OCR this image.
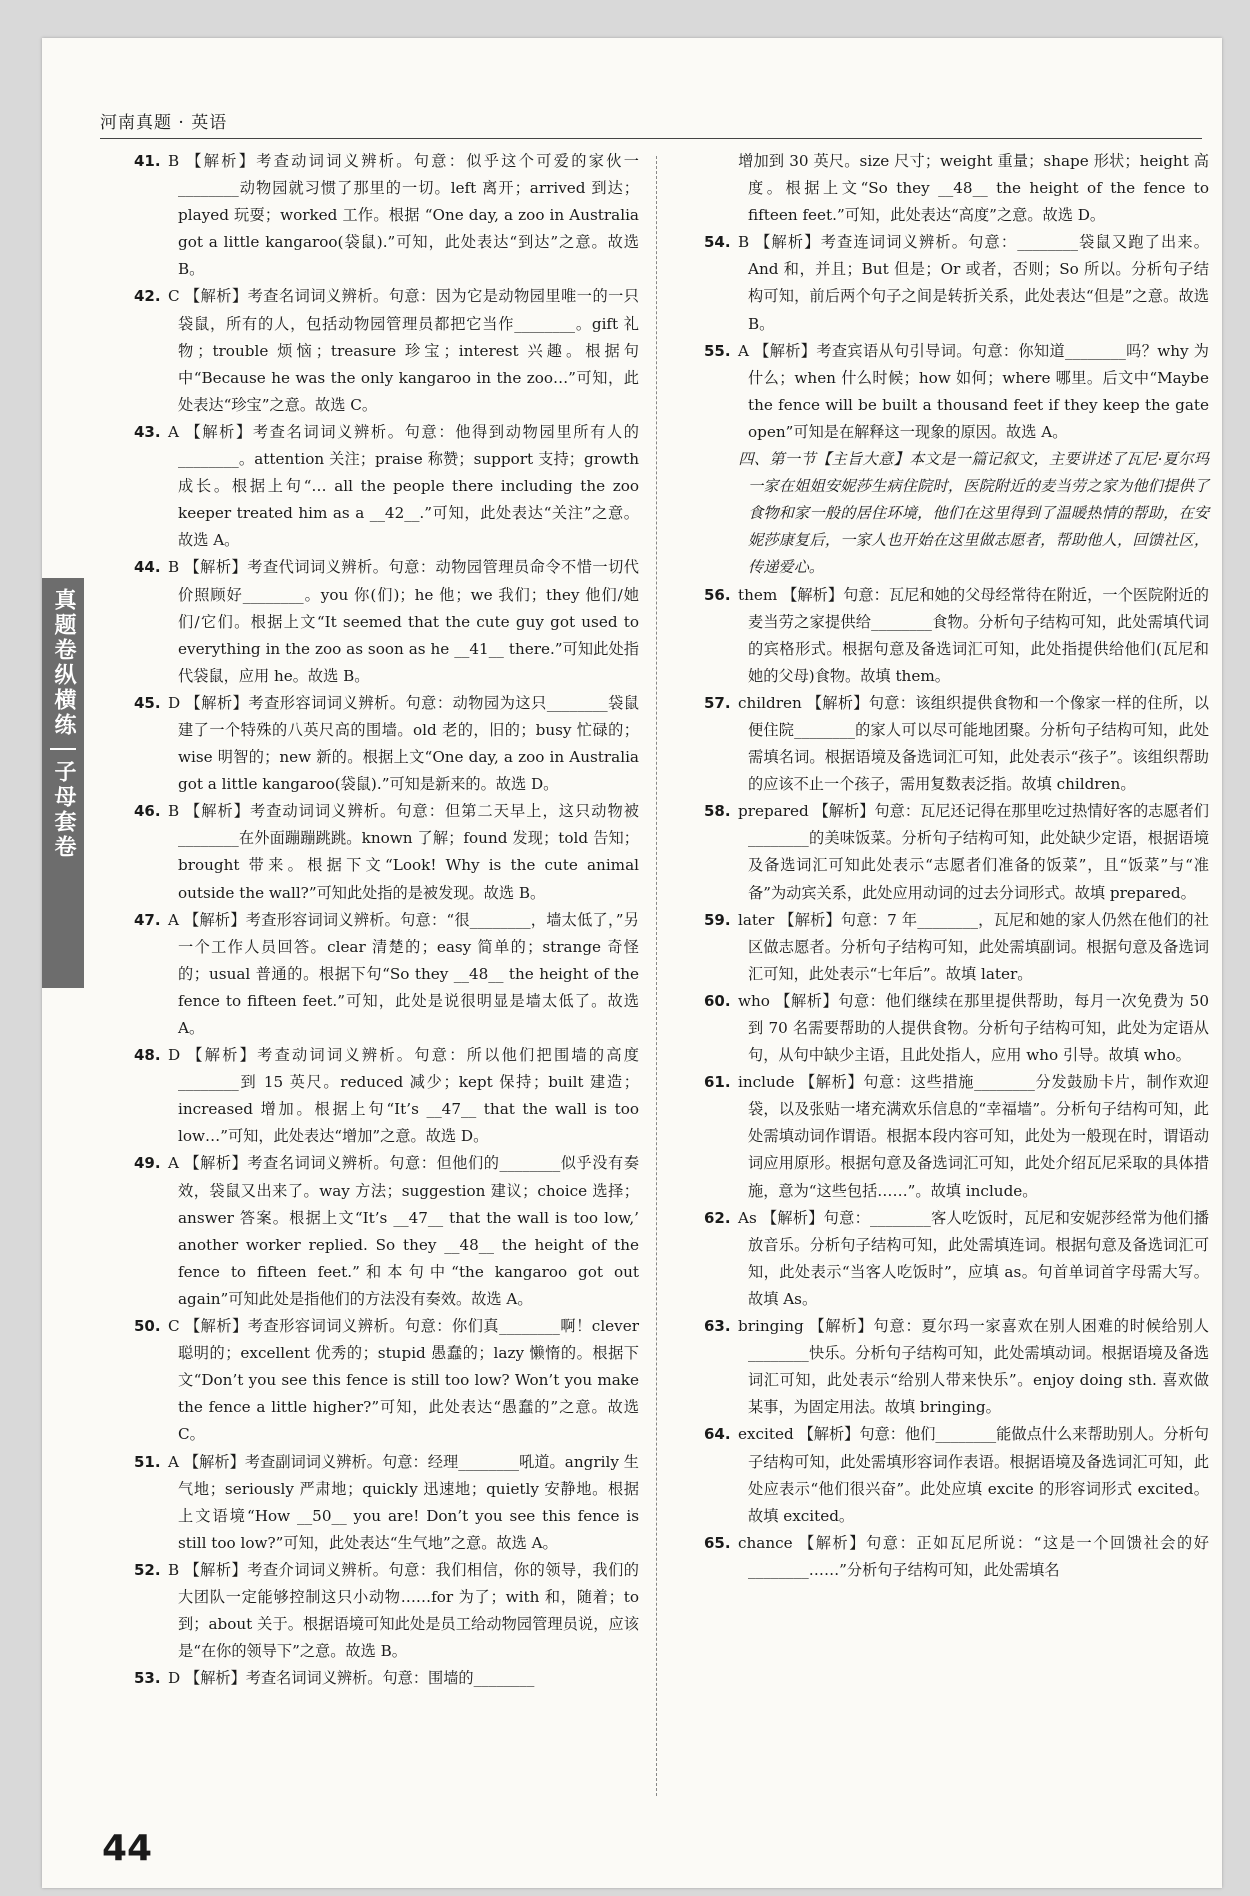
河南真题 · 英语
真题卷纵横练
子母套卷

41. B 【解析】考查动词词义辨析。句意：似乎这个可爱的家伙一________动物园就习惯了那里的一切。left 离开；arrived 到达；played 玩耍；worked 工作。根据 “One day, a zoo in Australia got a little kangaroo(袋鼠).”可知，此处表达“到达”之意。故选 B。

42. C 【解析】考查名词词义辨析。句意：因为它是动物园里唯一的一只袋鼠，所有的人，包括动物园管理员都把它当作________。gift 礼物；trouble 烦恼；treasure 珍宝；interest 兴趣。根据句中“Because he was the only kangaroo in the zoo…”可知，此处表达“珍宝”之意。故选 C。

43. A 【解析】考查名词词义辨析。句意：他得到动物园里所有人的________。attention 关注；praise 称赞；support 支持；growth 成长。根据上句“… all the people there including the zoo keeper treated him as a __42__.”可知，此处表达“关注”之意。故选 A。

44. B 【解析】考查代词词义辨析。句意：动物园管理员命令不惜一切代价照顾好________。you 你(们)；he 他；we 我们；they 他们/她们/它们。根据上文“It seemed that the cute guy got used to everything in the zoo as soon as he __41__ there.”可知此处指代袋鼠，应用 he。故选 B。

45. D 【解析】考查形容词词义辨析。句意：动物园为这只________袋鼠建了一个特殊的八英尺高的围墙。old 老的，旧的；busy 忙碌的；wise 明智的；new 新的。根据上文“One day, a zoo in Australia got a little kangaroo(袋鼠).”可知是新来的。故选 D。

46. B 【解析】考查动词词义辨析。句意：但第二天早上，这只动物被________在外面蹦蹦跳跳。known 了解；found 发现；told 告知；brought 带来。根据下文“Look! Why is the cute animal outside the wall?”可知此处指的是被发现。故选 B。

47. A 【解析】考查形容词词义辨析。句意：“很________，墙太低了，”另一个工作人员回答。clear 清楚的；easy 简单的；strange 奇怪的；usual 普通的。根据下句“So they __48__ the height of the fence to fifteen feet.”可知，此处是说很明显是墙太低了。故选 A。

48. D 【解析】考查动词词义辨析。句意：所以他们把围墙的高度________到 15 英尺。reduced 减少；kept 保持；built 建造；increased 增加。根据上句“It’s __47__ that the wall is too low…”可知，此处表达“增加”之意。故选 D。

49. A 【解析】考查名词词义辨析。句意：但他们的________似乎没有奏效，袋鼠又出来了。way 方法；suggestion 建议；choice 选择；answer 答案。根据上文“It’s __47__ that the wall is too low,’ another worker replied. So they __48__ the height of the fence to fifteen feet.”和本句中“the kangaroo got out again”可知此处是指他们的方法没有奏效。故选 A。

50. C 【解析】考查形容词词义辨析。句意：你们真________啊！clever 聪明的；excellent 优秀的；stupid 愚蠢的；lazy 懒惰的。根据下文“Don’t you see this fence is still too low? Won’t you make the fence a little higher?”可知，此处表达“愚蠢的”之意。故选 C。

51. A 【解析】考查副词词义辨析。句意：经理________吼道。angrily 生气地；seriously 严肃地；quickly 迅速地；quietly 安静地。根据上文语境“How __50__ you are! Don’t you see this fence is still too low?”可知，此处表达“生气地”之意。故选 A。

52. B 【解析】考查介词词义辨析。句意：我们相信，你的领导，我们的大团队一定能够控制这只小动物……for 为了；with 和，随着；to 到；about 关于。根据语境可知此处是员工给动物园管理员说，应该是“在你的领导下”之意。故选 B。

53. D 【解析】考查名词词义辨析。句意：围墙的________

增加到 30 英尺。size 尺寸；weight 重量；shape 形状；height 高度。根据上文“So they __48__ the height of the fence to fifteen feet.”可知，此处表达“高度”之意。故选 D。

54. B 【解析】考查连词词义辨析。句意：________袋鼠又跑了出来。And 和，并且；But 但是；Or 或者，否则；So 所以。分析句子结构可知，前后两个句子之间是转折关系，此处表达“但是”之意。故选 B。

55. A 【解析】考查宾语从句引导词。句意：你知道________吗？why 为什么；when 什么时候；how 如何；where 哪里。后文中“Maybe the fence will be built a thousand feet if they keep the gate open”可知是在解释这一现象的原因。故选 A。

四、第一节【主旨大意】本文是一篇记叙文，主要讲述了瓦尼·夏尔玛一家在姐姐安妮莎生病住院时，医院附近的麦当劳之家为他们提供了食物和家一般的居住环境，他们在这里得到了温暖热情的帮助，在安妮莎康复后，一家人也开始在这里做志愿者，帮助他人，回馈社区，传递爱心。

56. them 【解析】句意：瓦尼和她的父母经常待在附近，一个医院附近的麦当劳之家提供给________食物。分析句子结构可知，此处需填代词的宾格形式。根据句意及备选词汇可知，此处指提供给他们(瓦尼和她的父母)食物。故填 them。

57. children 【解析】句意：该组织提供食物和一个像家一样的住所，以便住院________的家人可以尽可能地团聚。分析句子结构可知，此处需填名词。根据语境及备选词汇可知，此处表示“孩子”。该组织帮助的应该不止一个孩子，需用复数表泛指。故填 children。

58. prepared 【解析】句意：瓦尼还记得在那里吃过热情好客的志愿者们________的美味饭菜。分析句子结构可知，此处缺少定语，根据语境及备选词汇可知此处表示“志愿者们准备的饭菜”，且“饭菜”与“准备”为动宾关系，此处应用动词的过去分词形式。故填 prepared。

59. later 【解析】句意：7 年________，瓦尼和她的家人仍然在他们的社区做志愿者。分析句子结构可知，此处需填副词。根据句意及备选词汇可知，此处表示“七年后”。故填 later。

60. who 【解析】句意：他们继续在那里提供帮助，每月一次免费为 50 到 70 名需要帮助的人提供食物。分析句子结构可知，此处为定语从句，从句中缺少主语，且此处指人，应用 who 引导。故填 who。

61. include 【解析】句意：这些措施________分发鼓励卡片，制作欢迎袋，以及张贴一堵充满欢乐信息的“幸福墙”。分析句子结构可知，此处需填动词作谓语。根据本段内容可知，此处为一般现在时，谓语动词应用原形。根据句意及备选词汇可知，此处介绍瓦尼采取的具体措施，意为“这些包括……”。故填 include。

62. As 【解析】句意：________客人吃饭时，瓦尼和安妮莎经常为他们播放音乐。分析句子结构可知，此处需填连词。根据句意及备选词汇可知，此处表示“当客人吃饭时”，应填 as。句首单词首字母需大写。故填 As。

63. bringing 【解析】句意：夏尔玛一家喜欢在别人困难的时候给别人________快乐。分析句子结构可知，此处需填动词。根据语境及备选词汇可知，此处表示“给别人带来快乐”。enjoy doing sth. 喜欢做某事，为固定用法。故填 bringing。

64. excited 【解析】句意：他们________能做点什么来帮助别人。分析句子结构可知，此处需填形容词作表语。根据语境及备选词汇可知，此处应表示“他们很兴奋”。此处应填 excite 的形容词形式 excited。故填 excited。

65. chance 【解析】句意：正如瓦尼所说：“这是一个回馈社会的好________……”分析句子结构可知，此处需填名

44
